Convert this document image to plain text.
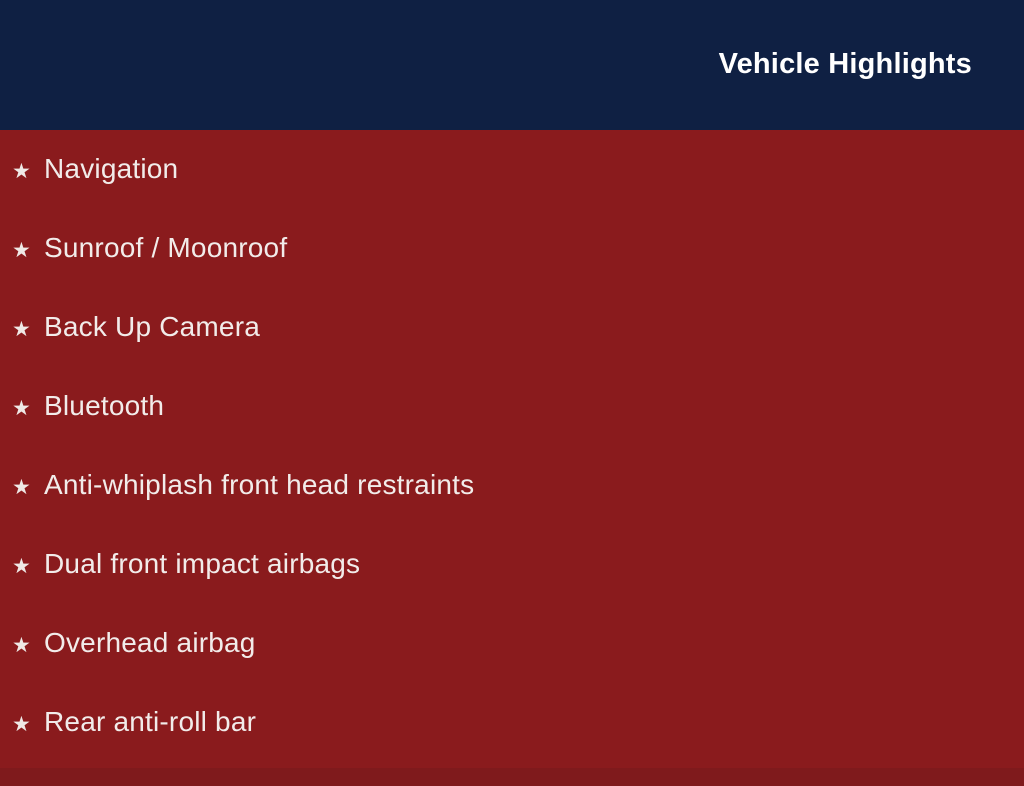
Vehicle Highlights
★ Navigation
★ Sunroof / Moonroof
★ Back Up Camera
★ Bluetooth
★ Anti-whiplash front head restraints
★ Dual front impact airbags
★ Overhead airbag
★ Rear anti-roll bar
